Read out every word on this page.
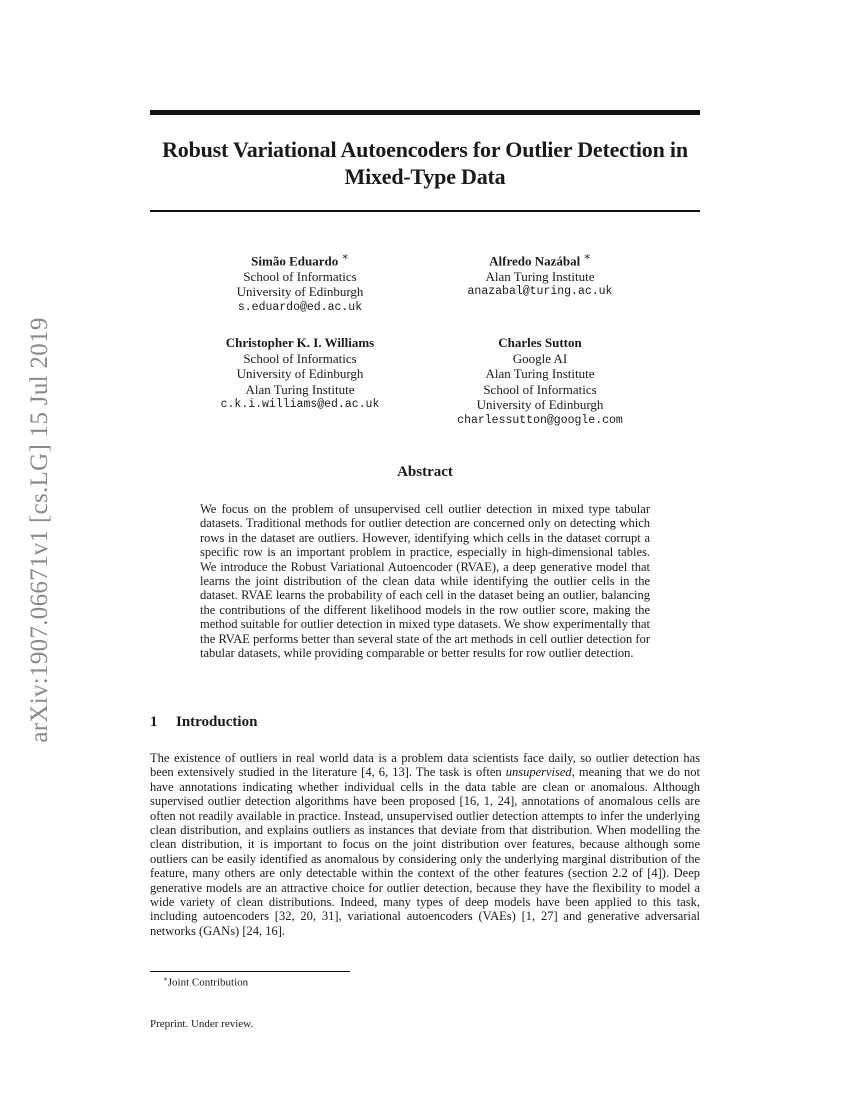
arXiv:1907.06671v1 [cs.LG] 15 Jul 2019
Robust Variational Autoencoders for Outlier Detection in Mixed-Type Data
Simão Eduardo ∗
School of Informatics
University of Edinburgh
s.eduardo@ed.ac.uk
Alfredo Nazábal ∗
Alan Turing Institute
anazabal@turing.ac.uk
Christopher K. I. Williams
School of Informatics
University of Edinburgh
Alan Turing Institute
c.k.i.williams@ed.ac.uk
Charles Sutton
Google AI
Alan Turing Institute
School of Informatics
University of Edinburgh
charlessutton@google.com
Abstract

We focus on the problem of unsupervised cell outlier detection in mixed type tabular datasets. Traditional methods for outlier detection are concerned only on detecting which rows in the dataset are outliers. However, identifying which cells in the dataset corrupt a specific row is an important problem in practice, especially in high-dimensional tables. We introduce the Robust Variational Autoencoder (RVAE), a deep generative model that learns the joint distribution of the clean data while identifying the outlier cells in the dataset. RVAE learns the probability of each cell in the dataset being an outlier, balancing the contributions of the different likelihood models in the row outlier score, making the method suitable for outlier detection in mixed type datasets. We show experimentally that the RVAE performs better than several state of the art methods in cell outlier detection for tabular datasets, while providing comparable or better results for row outlier detection.

1 Introduction

The existence of outliers in real world data is a problem data scientists face daily, so outlier detection has been extensively studied in the literature [4, 6, 13]. The task is often unsupervised, meaning that we do not have annotations indicating whether individual cells in the data table are clean or anomalous. Although supervised outlier detection algorithms have been proposed [16, 1, 24], annotations of anomalous cells are often not readily available in practice. Instead, unsupervised outlier detection attempts to infer the underlying clean distribution, and explains outliers as instances that deviate from that distribution. When modelling the clean distribution, it is important to focus on the joint distribution over features, because although some outliers can be easily identified as anomalous by considering only the underlying marginal distribution of the feature, many others are only detectable within the context of the other features (section 2.2 of [4]). Deep generative models are an attractive choice for outlier detection, because they have the flexibility to model a wide variety of clean distributions. Indeed, many types of deep models have been applied to this task, including autoencoders [32, 20, 31], variational autoencoders (VAEs) [1, 27] and generative adversarial networks (GANs) [24, 16].

∗Joint Contribution

Preprint. Under review.
